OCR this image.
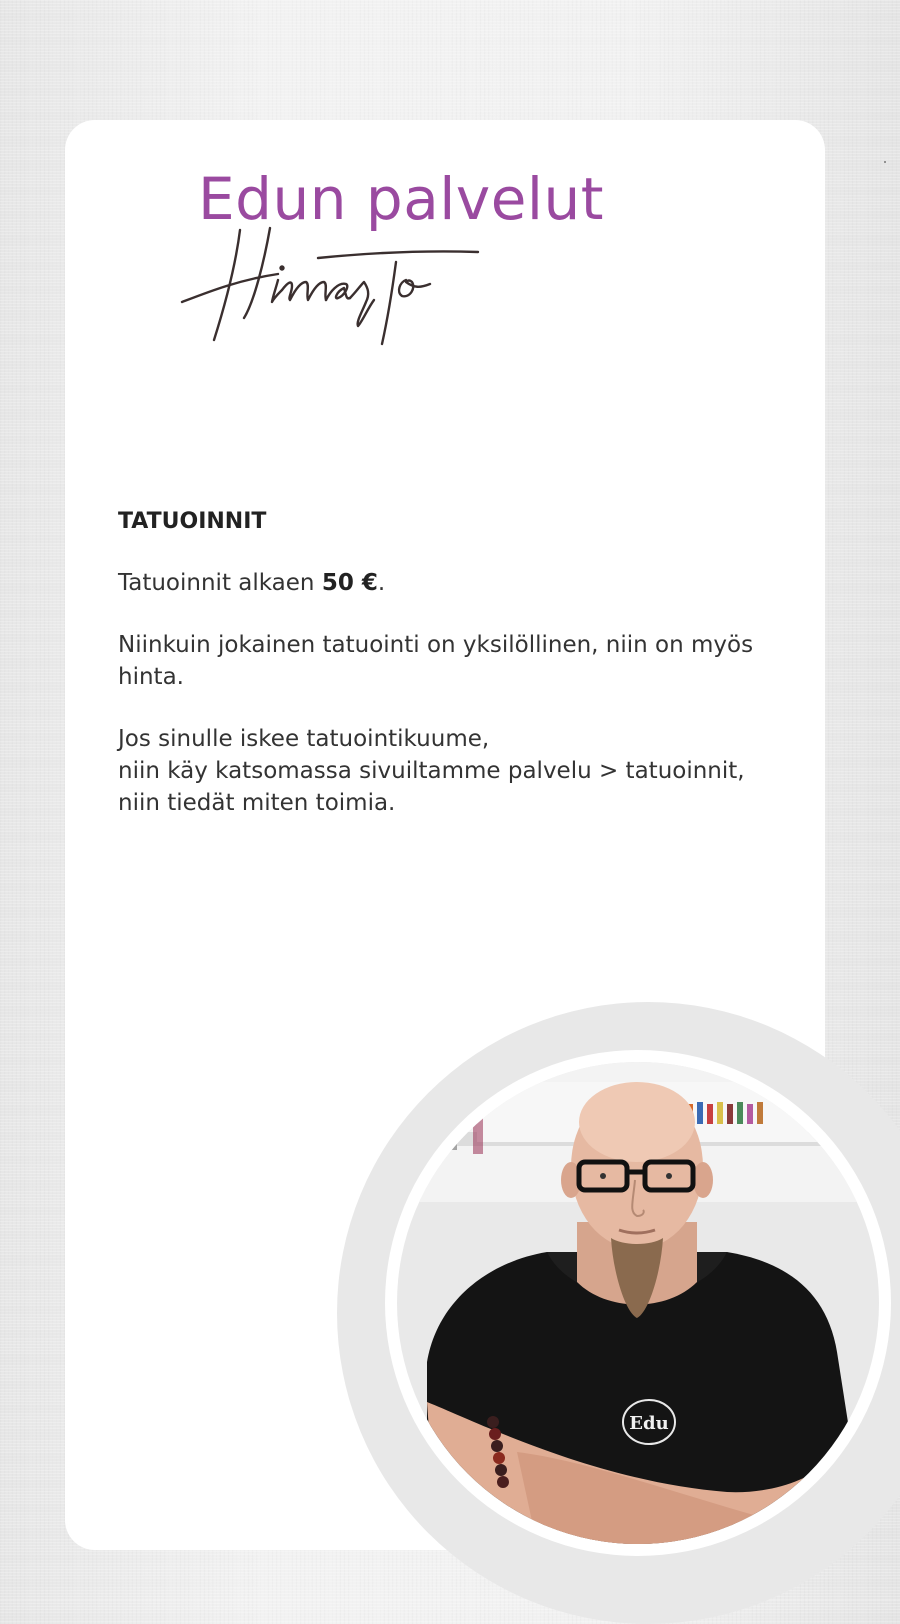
Edun palvelut
TATUOINNIT

Tatuoinnit alkaen 50 €.

Niinkuin jokainen tatuointi on yksilöllinen, niin on myös
hinta.

Jos sinulle iskee tatuointikuume,
niin käy katsomassa sivuiltamme palvelu > tatuoinnit,
niin tiedät miten toimia.

Edu
